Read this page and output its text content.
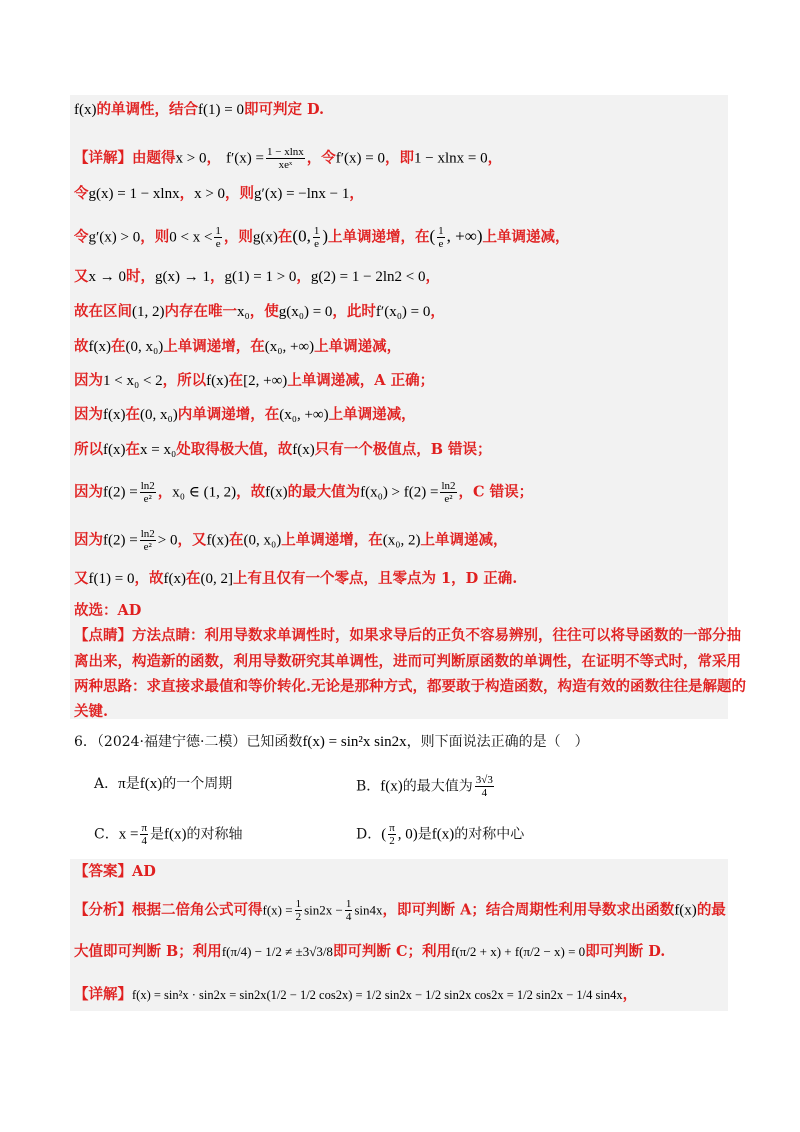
f(x)的单调性，结合f(1) = 0即可判定 D.
【详解】由题得x > 0， f′(x) = 1 − xlnx
xeˣ	，令f′(x) = 0，即1 − xlnx = 0，
令g(x) = 1 − xlnx，x > 0，则g′(x) = −lnx − 1，
令g′(x) > 0，则$0 < x < \frac{1}{e}$ ，则g(x)在(0, $\frac{1}{e}$ )上单调递增，在( $\frac{1}{e}$ , +∞)上单调递减，
又x → 0时，g(x) → 1，g(1) = 1 > 0，g(2) = 1 − 2ln2 < 0，
故在区间(1, 2)内存在唯一x₀，使g(x₀) = 0，此时f′(x₀) = 0，
故f(x)在(0, x₀)上单调递增，在(x₀, +∞)上单调递减，
因为1 < x₀ < 2，所以f(x)在[2, +∞)上单调递减，A 正确；
因为f(x)在(0, x₀)内单调递增，在(x₀, +∞)上单调递减，
所以f(x)在x = x₀处取得极大值，故f(x)只有一个极值点，B 错误；
因为$f(2) = \frac{\ln 2}{\text{e²}}$ ，x₀ ∈ (1, 2)，故f(x)的最大值为$f(x_0) > f(2) = \frac{\ln 2}{\text{e²}}$ ，C 错误；
因为$f(2) = \frac{\ln 2}{\text{e²}} > 0$，又f(x)在(0, x₀)上单调递增，在(x₀, 2)上单调递减，
又f(1) = 0，故f(x)在(0, 2]上有且仅有一个零点，且零点为 1，D 正确.
故选：AD
【点睛】方法点睛：利用导数求单调性时，如果求导后的正负不容易辨别，往往可以将导函数的一部分抽
离出来，构造新的函数，利用导数研究其单调性，进而可判断原函数的单调性，在证明不等式时，常采用
两种思路：求直接求最值和等价转化.无论是那种方式，都要敢于构造函数，构造有效的函数往往是解题的
关键.
6．（2024·福建宁德·二模）已知函数f(x) = sin²x sin2x，则下面说法正确的是（　）
A．π是f(x)的一个周期	B．f(x)的最大值为 $\frac{3√3}{4}$
C．$x = \frac{\pi}{4}$ 是f(x)的对称轴	D．( $\frac{\pi}{2}$ , 0)是f(x)的对称中心
【答案】AD
【分析】根据二倍角公式可得$f(x) = \frac{1}{2} \sin 2x - \frac{1}{4} \sin 4x$，即可判断 A；结合周期性利用导数求出函数f(x)的最
大值即可判断 B；利用f(π/4) − 1/2 ≠ ±3√3/8即可判断 C；利用f(π/2 + x) + f(π/2 − x) = 0即可判断 D.
【详解】f(x) = sin²x · sin2x = sin2x(1/2 − 1/2 cos2x) = 1/2 sin2x − 1/2 sin2x cos2x = 1/2 sin2x − 1/4 sin4x，
